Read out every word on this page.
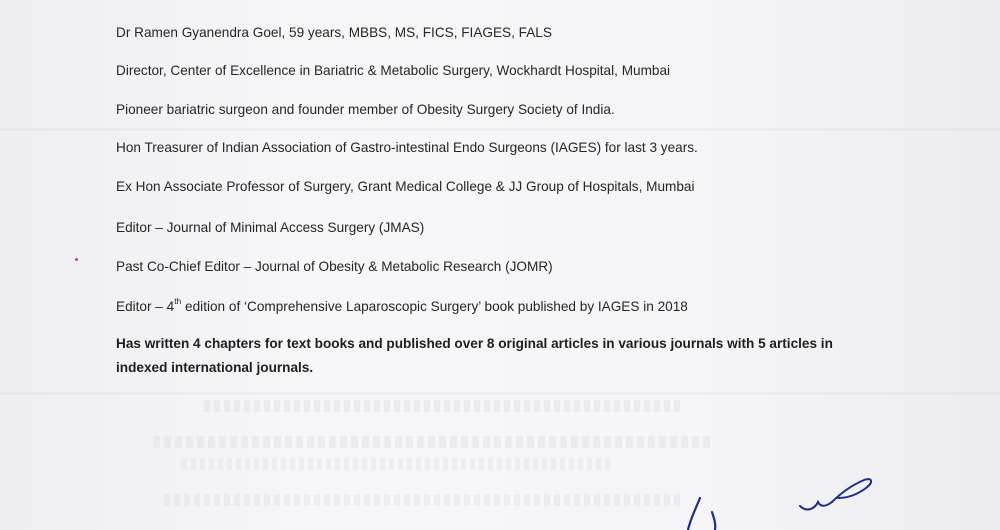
Dr Ramen Gyanendra Goel, 59 years, MBBS, MS, FICS, FIAGES, FALS
Director, Center of Excellence in Bariatric & Metabolic Surgery, Wockhardt Hospital, Mumbai
Pioneer bariatric surgeon and founder member of Obesity Surgery Society of India.
Hon Treasurer of Indian Association of Gastro-intestinal Endo Surgeons (IAGES) for last 3 years.
Ex Hon Associate Professor of Surgery, Grant Medical College & JJ Group of Hospitals, Mumbai
Editor – Journal of Minimal Access Surgery (JMAS)
Past Co-Chief Editor – Journal of Obesity & Metabolic Research (JOMR)
Editor – 4th edition of ‘Comprehensive Laparoscopic Surgery’ book published by IAGES in 2018
Has written 4 chapters for text books and published over 8 original articles in various journals with 5 articles in
indexed international journals.
